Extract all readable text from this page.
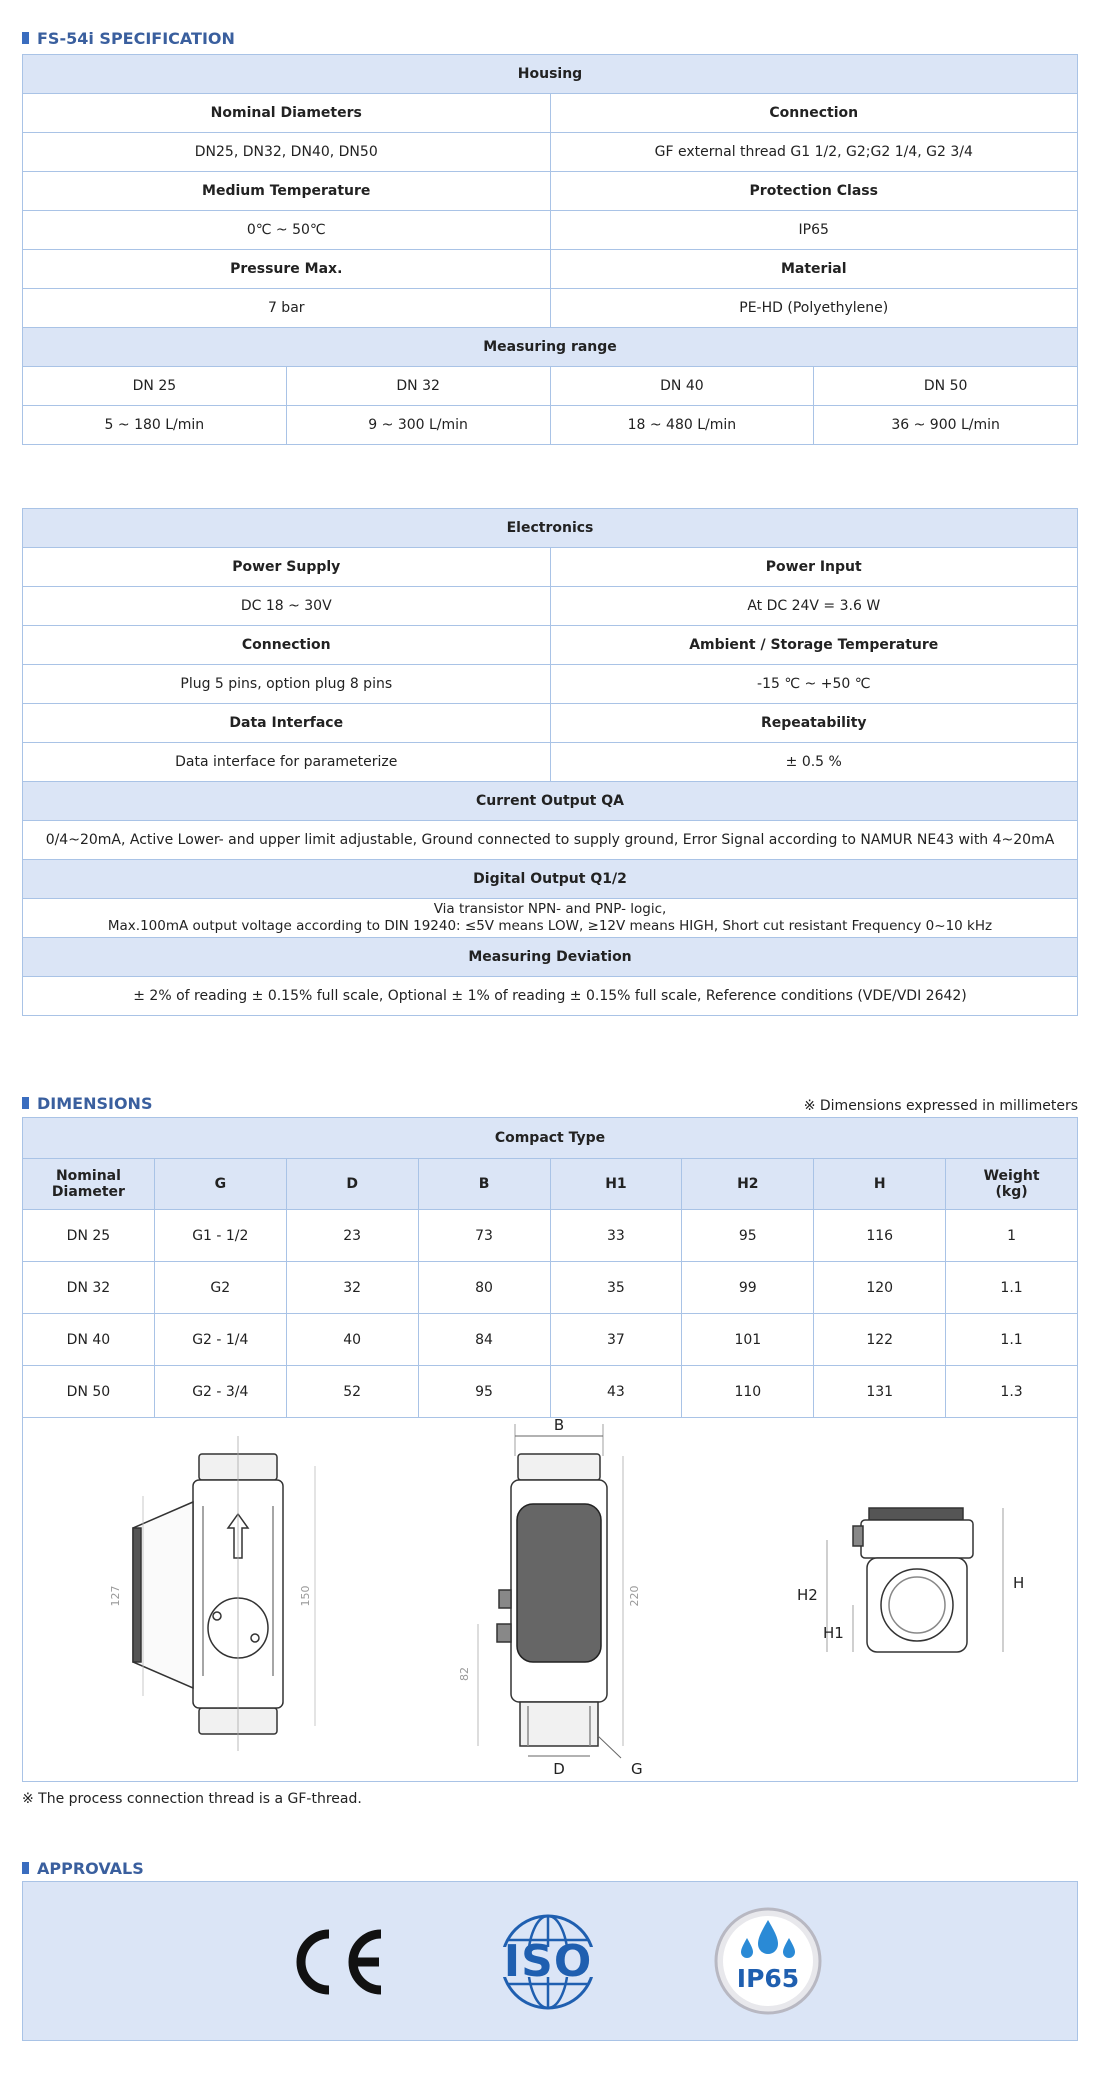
FS-54i SPECIFICATION
Housing			
Nominal Diameters		Connection	
DN25, DN32, DN40, DN50		GF external thread G1 1/2, G2;G2 1/4, G2 3/4	
Medium Temperature		Protection Class	
0℃ ~ 50℃		IP65	
Pressure Max.		Material	
7 bar		PE-HD (Polyethylene)	
Measuring range			
DN 25	DN 32	DN 40	DN 50
5 ~ 180 L/min	9 ~ 300 L/min	18 ~ 480 L/min	36 ~ 900 L/min
Electronics	
Power Supply	Power Input
DC 18 ~ 30V	At DC 24V = 3.6 W
Connection	Ambient / Storage Temperature
Plug 5 pins, option plug 8 pins	-15 ℃ ~ +50 ℃
Data Interface	Repeatability
Data interface for parameterize	± 0.5 %
Current Output QA	
0/4~20mA, Active Lower- and upper limit adjustable, Ground connected to supply ground, Error Signal according to NAMUR NE43 with 4~20mA	
Digital Output Q1/2	

Via transistor NPN- and PNP- logic,
Max.100mA output voltage according to DIN 19240: ≤5V means LOW, ≥12V means HIGH, Short cut resistant Frequency 0~10 kHz	

Measuring Deviation	
± 2% of reading ± 0.15% full scale, Optional ± 1% of reading ± 0.15% full scale, Reference conditions (VDE/VDI 2642)	
DIMENSIONS	※ Dimensions expressed in millimeters
Compact Type							
Nominal
Diameter	G	D	B	H1	H2	H	Weight
(kg)
DN 25	G1 - 1/2	23	73	33	95	116	1
DN 32	G2	32	80	35	99	120	1.1
DN 40	G2 - 1/4	40	84	37	101	122	1.1
DN 50	G2 - 3/4	52	95	43	110	131	1.3
127	150
B
220
82
D	G
H2
H1
H
※ The process connection thread is a GF-thread.
APPROVALS
ISO	IP65
